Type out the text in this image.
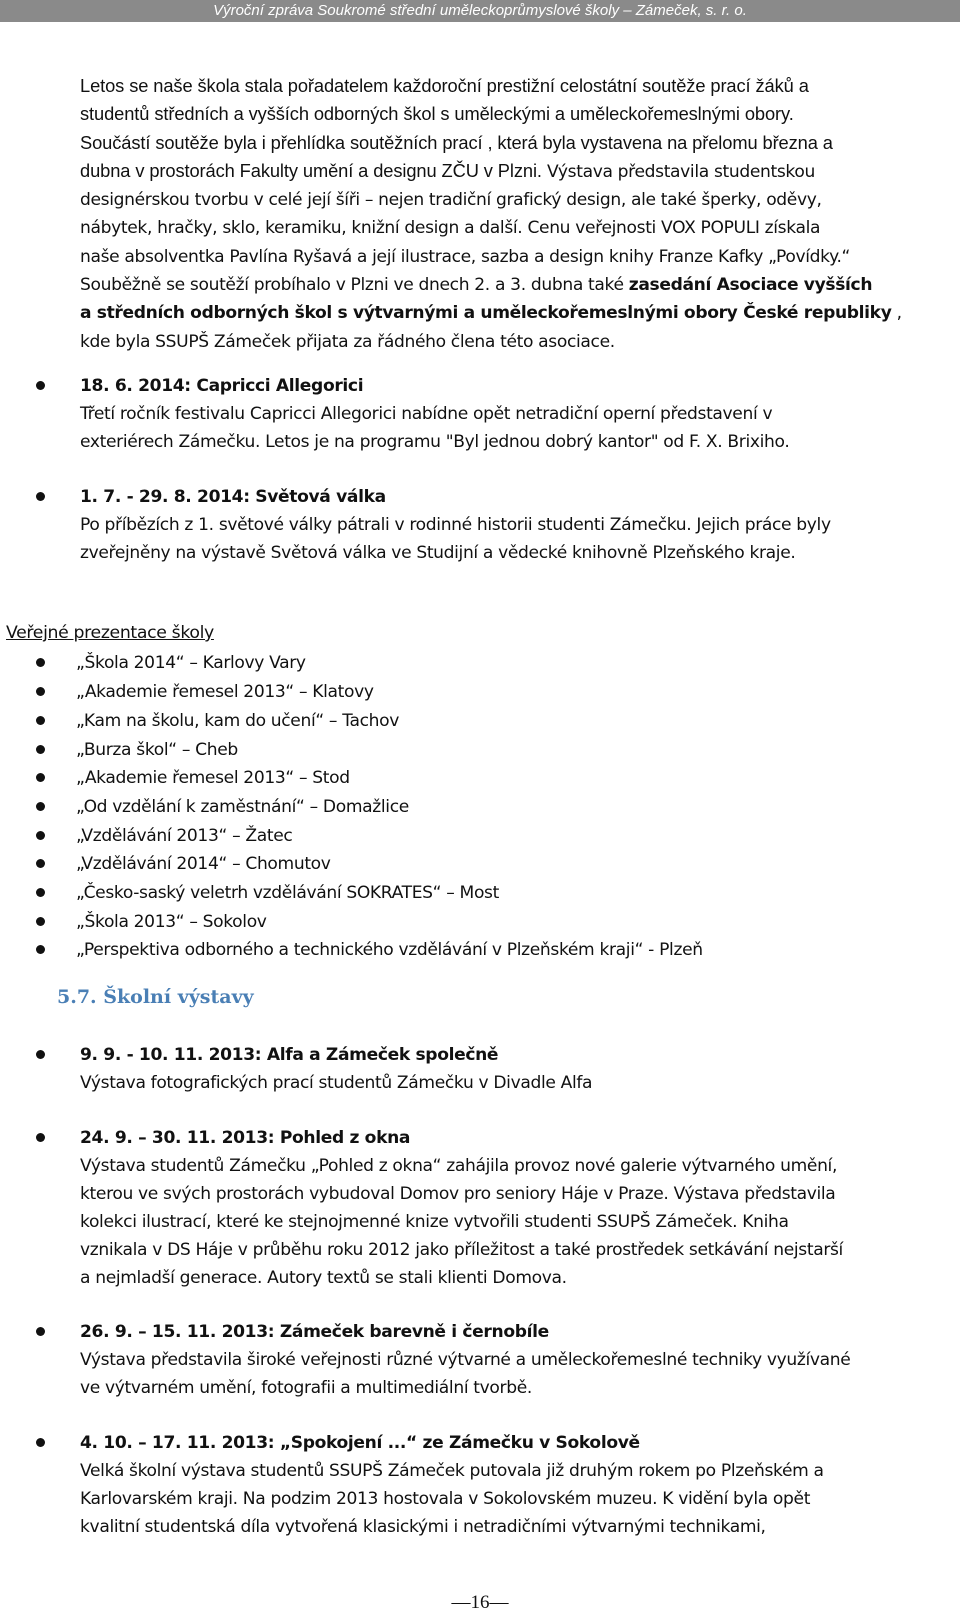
Výroční zpráva Soukromé střední uměleckoprůmyslové školy – Zámeček, s. r. o.
Letos se naše škola stala pořadatelem každoroční prestižní celostátní soutěže prací žáků a
studentů středních a vyšších odborných škol s uměleckými a uměleckořemeslnými obory.
Součástí soutěže byla i přehlídka soutěžních prací , která byla vystavena na přelomu března a
dubna v prostorách Fakulty umění a designu ZČU v Plzni. Výstava představila studentskou
designérskou tvorbu v celé její šíři – nejen tradiční grafický design, ale také šperky, oděvy,
nábytek, hračky, sklo, keramiku, knižní design a další. Cenu veřejnosti VOX POPULI získala
naše absolventka Pavlína Ryšavá a její ilustrace, sazba a design knihy Franze Kafky „Povídky.“
Souběžně se soutěží probíhalo v Plzni ve dnech 2. a 3. dubna také zasedání Asociace vyšších
a středních odborných škol s výtvarnými a uměleckořemeslnými obory České republiky ,
kde byla SSUPŠ Zámeček přijata za řádného člena této asociace.
18. 6. 2014: Capricci Allegorici
Třetí ročník festivalu Capricci Allegorici nabídne opět netradiční operní představení v
exteriérech Zámečku. Letos je na programu "Byl jednou dobrý kantor" od F. X. Brixiho.
1. 7. - 29. 8. 2014: Světová válka
Po příbězích z 1. světové války pátrali v rodinné historii studenti Zámečku. Jejich práce byly
zveřejněny na výstavě Světová válka ve Studijní a vědecké knihovně Plzeňského kraje.
Veřejné prezentace školy
„Škola 2014“ – Karlovy Vary
„Akademie řemesel 2013“ – Klatovy
„Kam na školu, kam do učení“ – Tachov
„Burza škol“ – Cheb
„Akademie řemesel 2013“ – Stod
„Od vzdělání k zaměstnání“ – Domažlice
„Vzdělávání 2013“ – Žatec
„Vzdělávání 2014“ – Chomutov
„Česko-saský veletrh vzdělávání SOKRATES“ – Most
„Škola 2013“ – Sokolov
„Perspektiva odborného a technického vzdělávání v Plzeňském kraji“ - Plzeň
5.7. Školní výstavy
9. 9. - 10. 11. 2013: Alfa a Zámeček společně
Výstava fotografických prací studentů Zámečku v Divadle Alfa
24. 9. – 30. 11. 2013: Pohled z okna
Výstava studentů Zámečku „Pohled z okna“ zahájila provoz nové galerie výtvarného umění,
kterou ve svých prostorách vybudoval Domov pro seniory Háje v Praze. Výstava představila
kolekci ilustrací, které ke stejnojmenné knize vytvořili studenti SSUPŠ Zámeček. Kniha
vznikala v DS Háje v průběhu roku 2012 jako příležitost a také prostředek setkávání nejstarší
a nejmladší generace. Autory textů se stali klienti Domova.
26. 9. – 15. 11. 2013: Zámeček barevně i černobíle
Výstava představila široké veřejnosti různé výtvarné a uměleckořemeslné techniky využívané
ve výtvarném umění, fotografii a multimediální tvorbě.
4. 10. – 17. 11. 2013: „Spokojení ...“ ze Zámečku v Sokolově
Velká školní výstava studentů SSUPŠ Zámeček putovala již druhým rokem po Plzeňském a
Karlovarském kraji. Na podzim 2013 hostovala v Sokolovském muzeu. K vidění byla opět
kvalitní studentská díla vytvořená klasickými i netradičními výtvarnými technikami,
—16—
